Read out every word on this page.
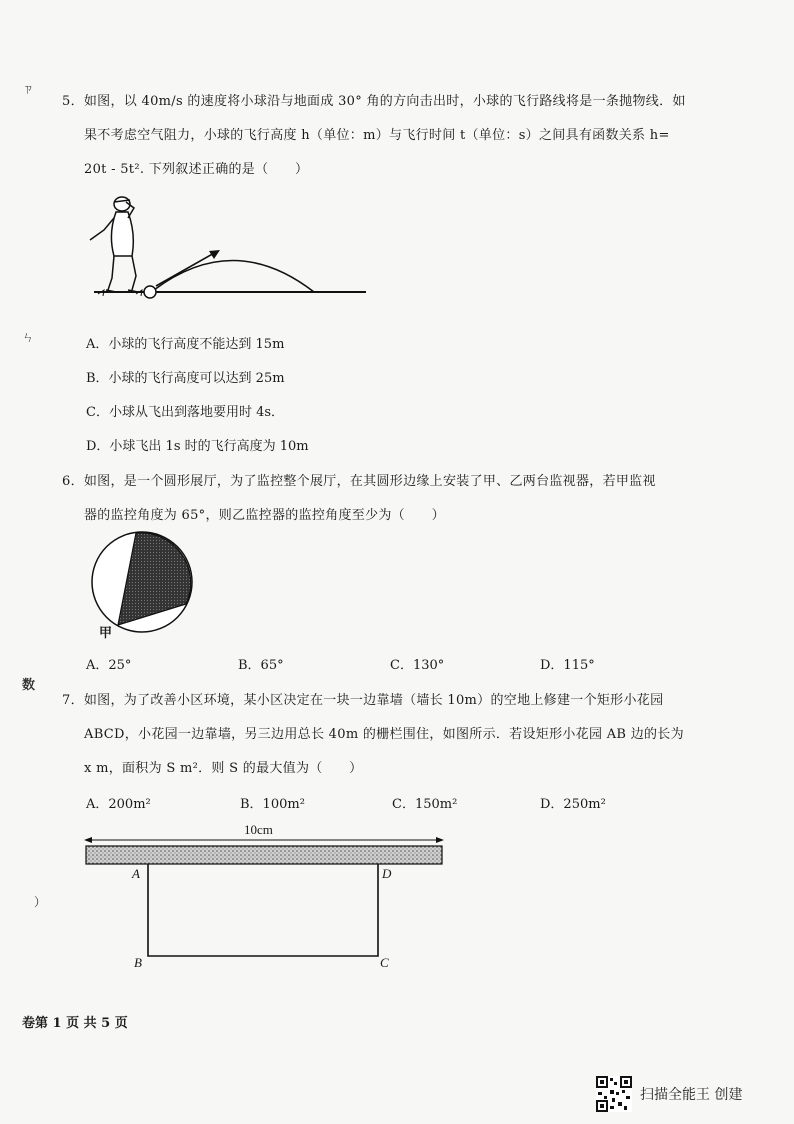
ㄗ
ㄣ
数
）
5．如图，以 40m/s 的速度将小球沿与地面成 30° 角的方向击出时，小球的飞行路线将是一条抛物线．如
果不考虑空气阻力，小球的飞行高度 h（单位：m）与飞行时间 t（单位：s）之间具有函数关系 h=
20t - 5t². 下列叙述正确的是（　　）
A．小球的飞行高度不能达到 15m
B．小球的飞行高度可以达到 25m
C．小球从飞出到落地要用时 4s．
D．小球飞出 1s 时的飞行高度为 10m
6．如图，是一个圆形展厅，为了监控整个展厅，在其圆形边缘上安装了甲、乙两台监视器，若甲监视
器的监控角度为 65°，则乙监控器的监控角度至少为（　　）
甲
A．25°	B．65°	C．130°	D．115°
7．如图，为了改善小区环境，某小区决定在一块一边靠墙（墙长 10m）的空地上修建一个矩形小花园
ABCD，小花园一边靠墙，另三边用总长 40m 的栅栏围住，如图所示．若设矩形小花园 AB 边的长为
x m，面积为 S m²．则 S 的最大值为（　　）
A．200m²	B．100m²	C．150m²	D．250m²
10cm
A	D
B	C
卷第 1 页 共 5 页
扫描全能王 创建
